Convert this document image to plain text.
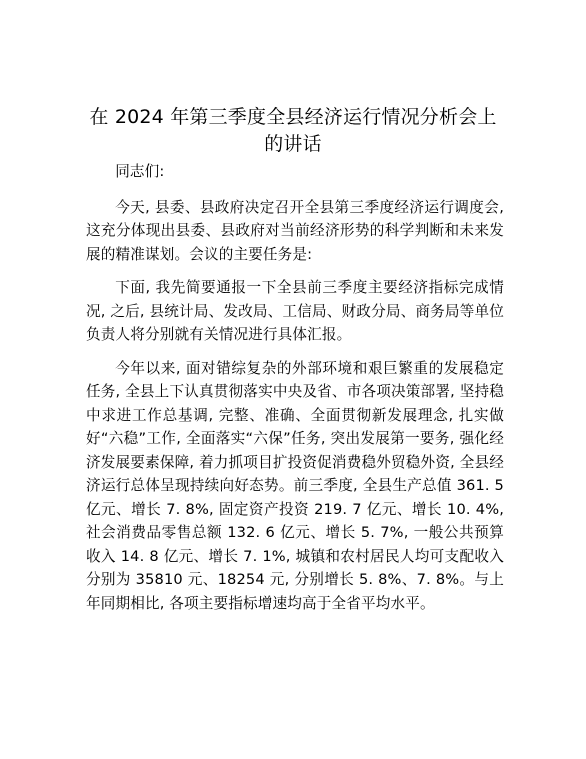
在 2024 年第三季度全县经济运行情况分析会上
的讲话

同志们:

今天, 县委、县政府决定召开全县第三季度经济运行调度会, 这充分体现出县委、县政府对当前经济形势的科学判断和未来发展的精准谋划。会议的主要任务是:

下面, 我先简要通报一下全县前三季度主要经济指标完成情况, 之后, 县统计局、发改局、工信局、财政分局、商务局等单位负责人将分别就有关情况进行具体汇报。

今年以来, 面对错综复杂的外部环境和艰巨繁重的发展稳定任务, 全县上下认真贯彻落实中央及省、市各项决策部署, 坚持稳中求进工作总基调, 完整、准确、全面贯彻新发展理念, 扎实做好“六稳”工作, 全面落实“六保”任务, 突出发展第一要务, 强化经济发展要素保障, 着力抓项目扩投资促消费稳外贸稳外资, 全县经济运行总体呈现持续向好态势。前三季度, 全县生产总值 361. 5 亿元、增长 7. 8%, 固定资产投资 219. 7 亿元、增长 10. 4%, 社会消费品零售总额 132. 6 亿元、增长 5. 7%, 一般公共预算收入 14. 8 亿元、增长 7. 1%, 城镇和农村居民人均可支配收入分别为 35810 元、18254 元, 分别增长 5. 8%、7. 8%。与上年同期相比, 各项主要指标增速均高于全省平均水平。
